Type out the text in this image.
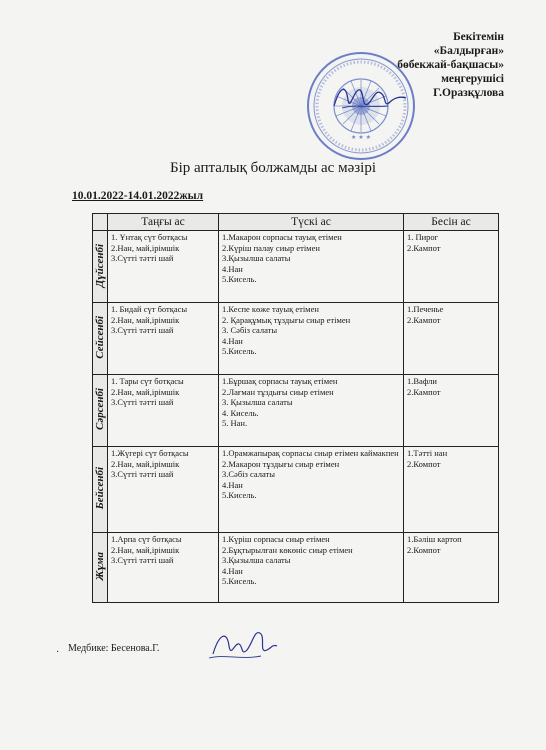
Бекітемін
«Балдырған»
бөбекжай-бақшасы»
меңгерушісі
Г.Оразқұлова
★ ★ ★
Бір апталық болжамды ас мәзірі
10.01.2022-14.01.2022жыл
	Таңғы ас	Түскі ас	Бесін ас
Дүйсенбі	1. Ұнтақ сүт ботқасы
2.Нан, май,ірімшік
3.Сүтті тәтті шай	1.Макарон сорпасы тауық етімен
2.Күріш палау сиыр етімен
3.Қызылша салаты
4.Нан
5.Кисель.	1. Пирог
2.Кампот

Сейсенбі	1. Бидай сүт ботқасы
2.Нан, май,ірімшік
3.Сүтті тәтті шай	1.Кеспе көже тауық етімен
2. Қарақұмық тұздығы сиыр етімен
3. Сәбіз салаты
4.Нан
5.Кисель.	1.Печенье
2.Кампот

Сәрсенбі	1. Тары сүт ботқасы
2.Нан, май,ірімшік
3.Сүтті тәтті шай	1.Бұршақ сорпасы тауық етімен
2.Лағман тұздығы сиыр етімен
3. Қызылша салаты
4. Кисель.
5. Нан.	1.Вафли
2.Кампот

Бейсенбі	1.Жүгері сүт ботқасы
2.Нан, май,ірімшік
3.Сүтті тәтті шай	1.Орамжапырақ сорпасы сиыр етімен каймакпен
2.Макарон тұздығы сиыр етімен
3.Сәбіз салаты
4.Нан
5.Кисель.	1.Тәтті нан
2.Компот

Жұма	1.Арпа сүт ботқасы
2.Нан, май,ірімшік
3.Сүтті тәтті шай	1.Күріш сорпасы сиыр етімен
2.Бұқтырылған көкөніс сиыр етімен
3.Қызылша салаты
4.Нан
5.Кисель.	1.Бәліш картоп
2.Компот
· Медбике: Бесенова.Г.
